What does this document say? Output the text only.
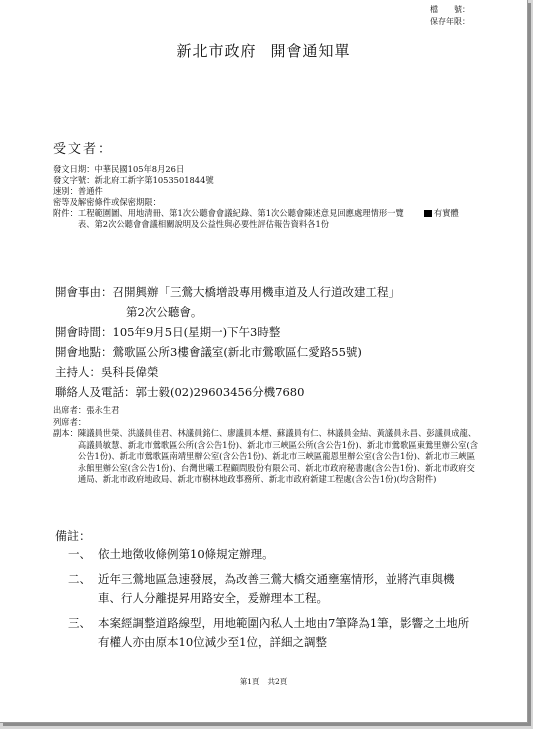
檔　　號：
保存年限：
新北市政府 開會通知單
受文者：
發文日期：中華民國105年8月26日
發文字號：新北府工新字第1053501844號
速別：普通件
密等及解密條件或保密期限：
附件： 工程範圍圖、用地清冊、第1次公聽會會議紀錄、第1次公聽會陳述意見回應處理情形一覽表、第2次公聽會會議相關說明及公益性與必要性評估報告資料各1份
有實體
開會事由：召開興辦「三鶯大橋增設專用機車道及人行道改建工程」
第2次公聽會。
開會時間：105年9月5日(星期一)下午3時整
開會地點：鶯歌區公所3樓會議室(新北市鶯歌區仁愛路55號)
主持人：吳科長偉榮
聯絡人及電話：郭士毅(02)29603456分機7680
出席者：張永生君
列席者：
副本： 陳議員世榮、洪議員佳君、林議員銘仁、廖議員本煙、蘇議員有仁、林議員金結、黃議員永昌、彭議員成龍、高議員敏慧、新北市鶯歌區公所(含公告1份)、新北市三峽區公所(含公告1份)、新北市鶯歌區東鶯里辦公室(含公告1份)、新北市鶯歌區南靖里辦公室(含公告1份)、新北市三峽區龍恩里辦公室(含公告1份)、新北市三峽區永館里辦公室(含公告1份)、台灣世曦工程顧問股份有限公司、新北市政府秘書處(含公告1份)、新北市政府交通局、新北市政府地政局、新北市樹林地政事務所、新北市政府新建工程處(含公告1份)(均含附件)
備註：
一、 依土地徵收條例第10條規定辦理。
二、 近年三鶯地區急速發展，為改善三鶯大橋交通壅塞情形，並將汽車與機車、行人分離提昇用路安全，爰辦理本工程。
三、 本案經調整道路線型，用地範圍內私人土地由7筆降為1筆，影響之土地所有權人亦由原本10位減少至1位，詳細之調整
第1頁 共2頁
